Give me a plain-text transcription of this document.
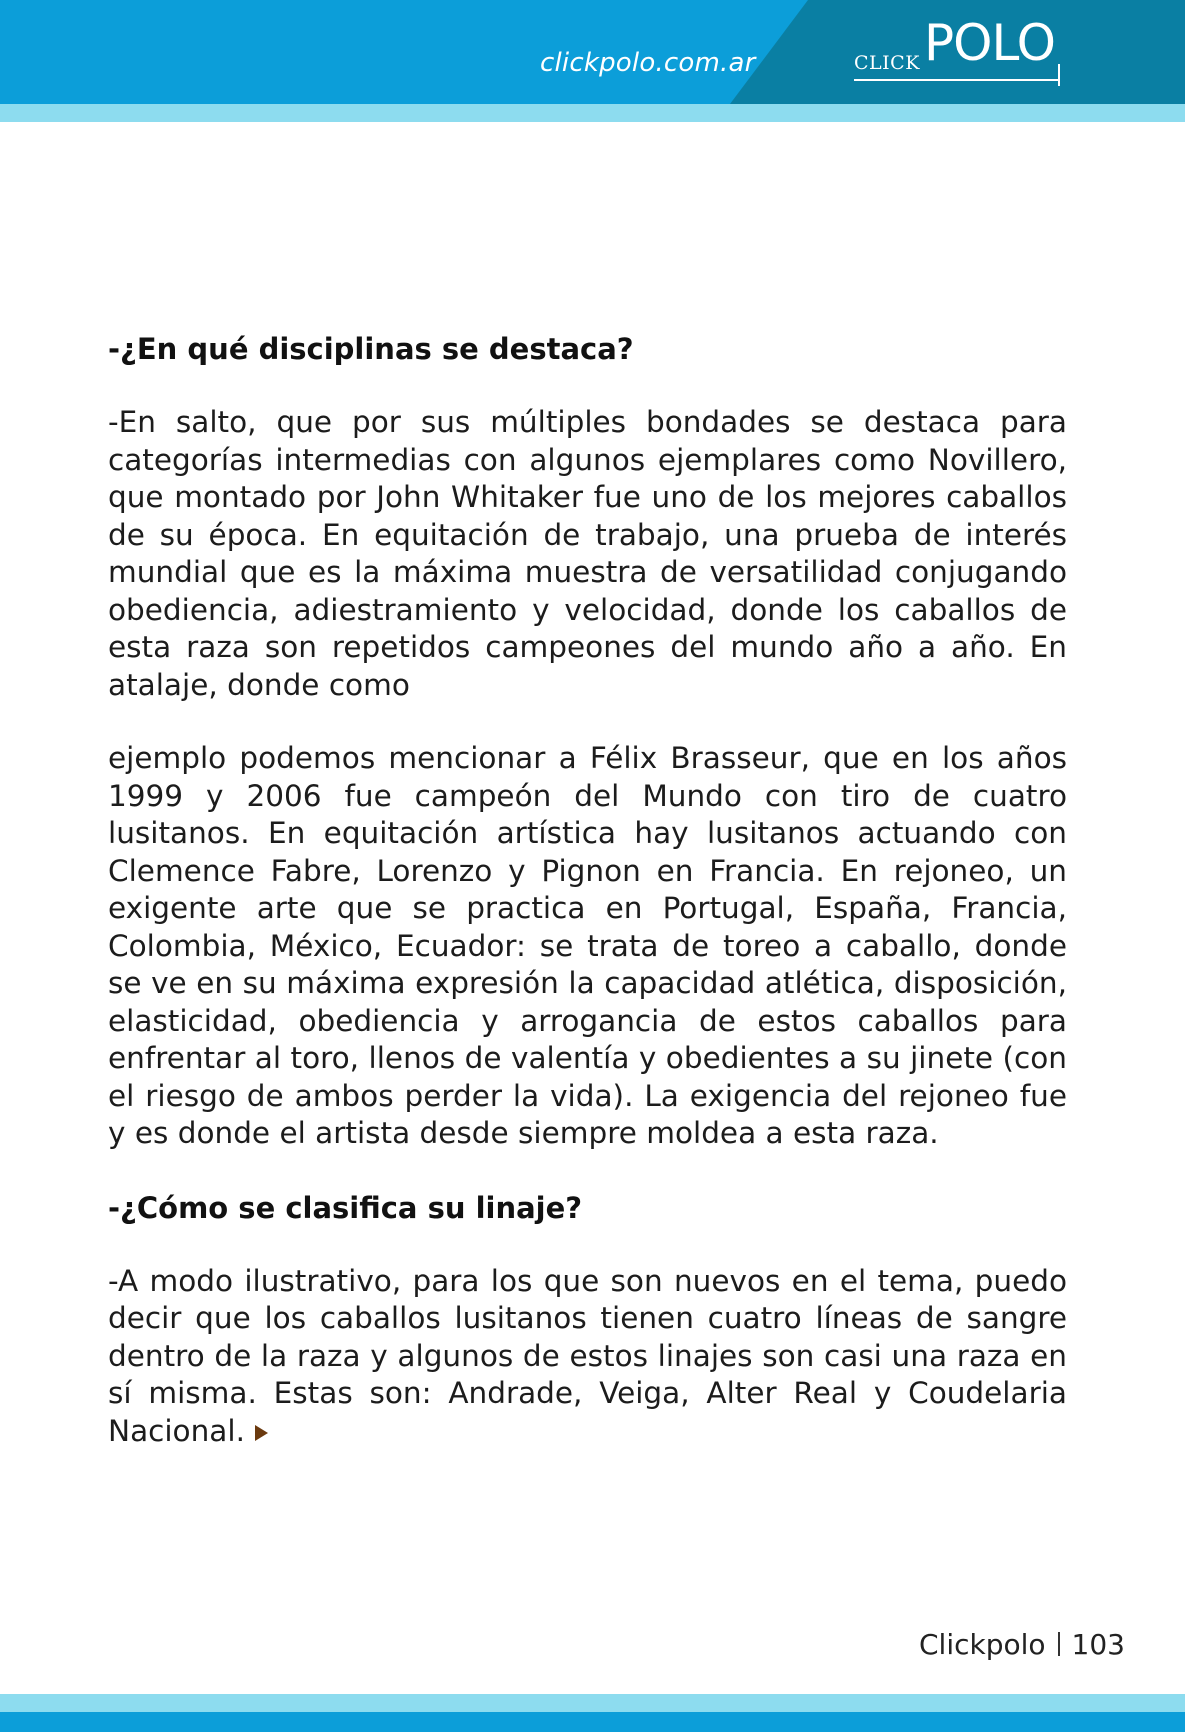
clickpolo.com.ar	CLICK POLO
-¿En qué disciplinas se destaca?

-En salto, que por sus múltiples bondades se destaca para categorías intermedias con algunos ejemplares como Novillero, que montado por John Whitaker fue uno de los mejores caballos de su época. En equitación de trabajo, una prueba de interés mundial que es la máxima muestra de versatilidad conjugando obediencia, adiestramiento y velocidad, donde los caballos de esta raza son repetidos campeones del mundo año a año. En atalaje, donde como

ejemplo podemos mencionar a Félix Brasseur, que en los años 1999 y 2006 fue campeón del Mundo con tiro de cuatro lusitanos. En equitación artística hay lusitanos actuando con Clemence Fabre, Lorenzo y Pignon en Francia. En rejoneo, un exigente arte que se practica en Portugal, España, Francia, Colombia, México, Ecuador: se trata de toreo a caballo, donde se ve en su máxima expresión la capacidad atlética, disposición, elasticidad, obediencia y arrogancia de estos caballos para enfrentar al toro, llenos de valentía y obedientes a su jinete (con el riesgo de ambos perder la vida). La exigencia del rejoneo fue y es donde el artista desde siempre moldea a esta raza.

-¿Cómo se clasifica su linaje?

-A modo ilustrativo, para los que son nuevos en el tema, puedo decir que los caballos lusitanos tienen cuatro líneas de sangre dentro de la raza y algunos de estos linajes son casi una raza en sí misma. Estas son: Andrade, Veiga, Alter Real y Coudelaria Nacional.

Clickpolo 103
